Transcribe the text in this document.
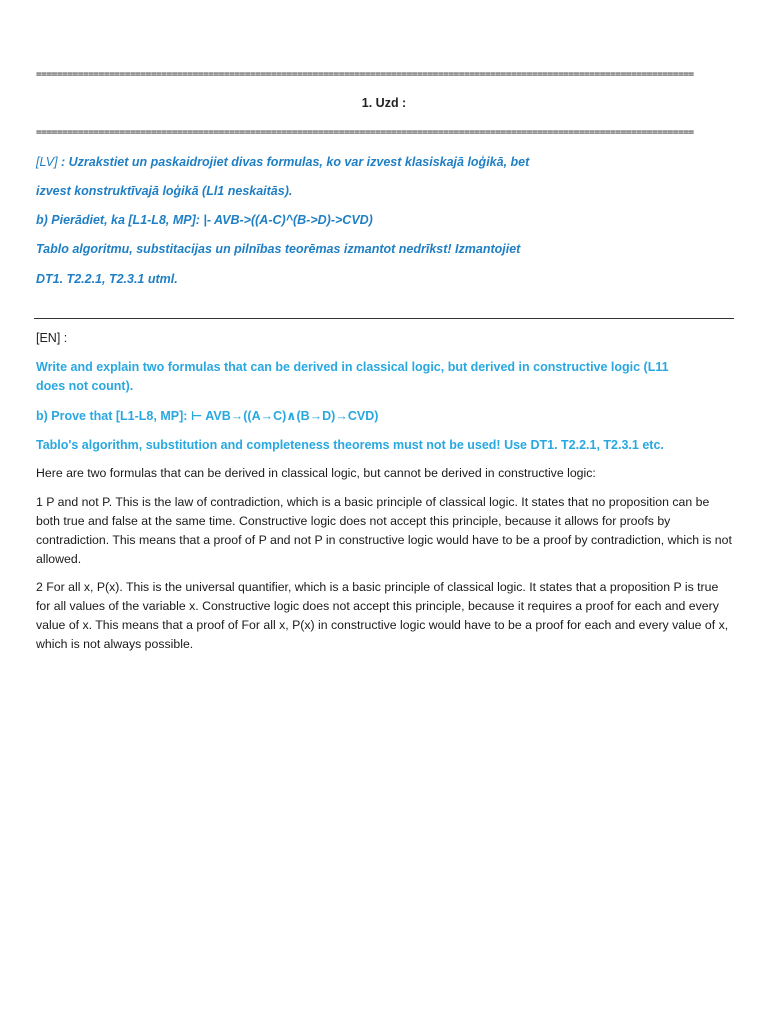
==============================================================================================================================
1. Uzd :
==============================================================================================================================
[LV] : Uzrakstiet un paskaidrojiet divas formulas, ko var izvest klasiskajā loģikā, bet
izvest konstruktīvajā loģikā (Ll1 neskaitās).
b) Pierādiet, ka [L1-L8, MP]: |- AVB->((A-C)^(B->D)->CVD)
Tablo algoritmu, substitacijas un pilnības teorēmas izmantot nedrīkst! Izmantojiet
DT1. T2.2.1, T2.3.1 utml.
[EN] :
Write and explain two formulas that can be derived in classical logic, but derived in constructive logic (L11 does not count).
b) Prove that [L1-L8, MP]: ⊢ AVB→((A→C)∧(B→D)→CVD)
Tablo's algorithm, substitution and completeness theorems must not be used! Use DT1. T2.2.1, T2.3.1 etc.
Here are two formulas that can be derived in classical logic, but cannot be derived in constructive logic:
1 P and not P. This is the law of contradiction, which is a basic principle of classical logic. It states that no proposition can be both true and false at the same time. Constructive logic does not accept this principle, because it allows for proofs by contradiction. This means that a proof of P and not P in constructive logic would have to be a proof by contradiction, which is not allowed.
2 For all x, P(x). This is the universal quantifier, which is a basic principle of classical logic. It states that a proposition P is true for all values of the variable x. Constructive logic does not accept this principle, because it requires a proof for each and every value of x. This means that a proof of For all x, P(x) in constructive logic would have to be a proof for each and every value of x, which is not always possible.
